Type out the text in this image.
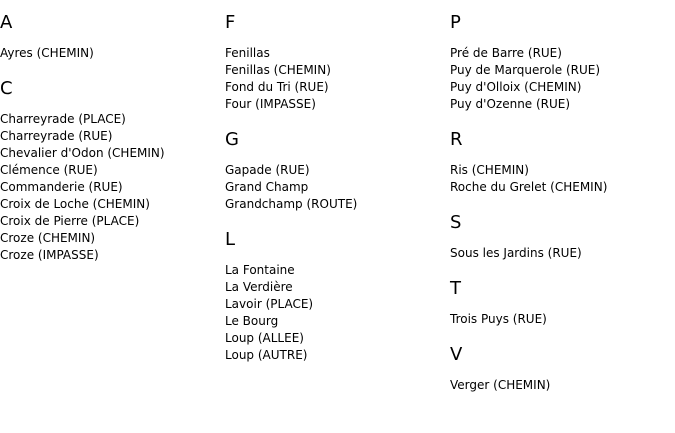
A
Ayres (CHEMIN)
C
Charreyrade (PLACE)
Charreyrade (RUE)
Chevalier d'Odon (CHEMIN)
Clémence (RUE)
Commanderie (RUE)
Croix de Loche (CHEMIN)
Croix de Pierre (PLACE)
Croze (CHEMIN)
Croze (IMPASSE)
F
Fenillas
Fenillas (CHEMIN)
Fond du Tri (RUE)
Four (IMPASSE)
G
Gapade (RUE)
Grand Champ
Grandchamp (ROUTE)
L
La Fontaine
La Verdière
Lavoir (PLACE)
Le Bourg
Loup (ALLEE)
Loup (AUTRE)
P
Pré de Barre (RUE)
Puy de Marquerole (RUE)
Puy d'Olloix (CHEMIN)
Puy d'Ozenne (RUE)
R
Ris (CHEMIN)
Roche du Grelet (CHEMIN)
S
Sous les Jardins (RUE)
T
Trois Puys (RUE)
V
Verger (CHEMIN)
